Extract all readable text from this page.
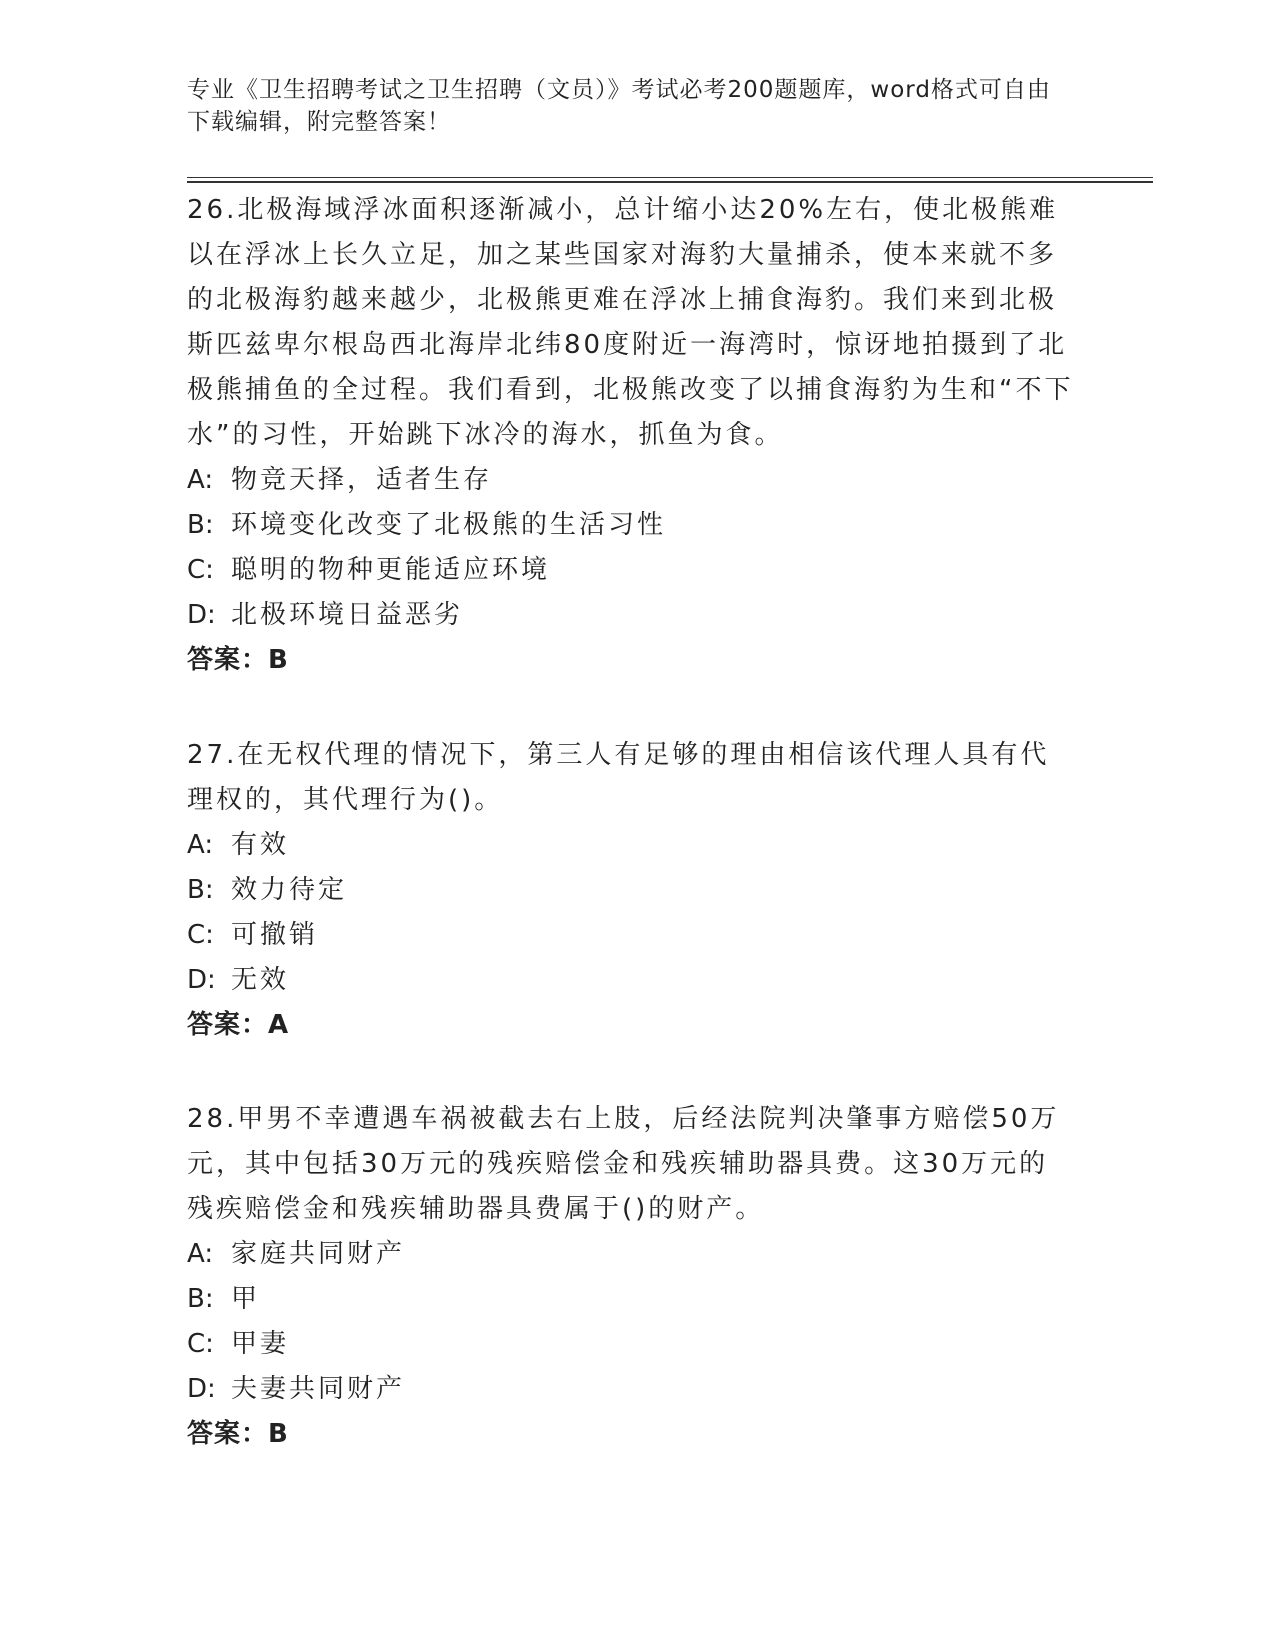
专业《卫生招聘考试之卫生招聘（文员）》考试必考200题题库，word格式可自由下载编辑，附完整答案！

26.北极海域浮冰面积逐渐减小，总计缩小达20%左右，使北极熊难以在浮冰上长久立足，加之某些国家对海豹大量捕杀，使本来就不多的北极海豹越来越少，北极熊更难在浮冰上捕食海豹。我们来到北极斯匹兹卑尔根岛西北海岸北纬80度附近一海湾时，惊讶地拍摄到了北极熊捕鱼的全过程。我们看到，北极熊改变了以捕食海豹为生和“不下水”的习性，开始跳下冰冷的海水，抓鱼为食。

A: 物竞天择，适者生存

B: 环境变化改变了北极熊的生活习性

C: 聪明的物种更能适应环境

D: 北极环境日益恶劣

答案：B

27.在无权代理的情况下，第三人有足够的理由相信该代理人具有代理权的，其代理行为()。

A: 有效

B: 效力待定

C: 可撤销

D: 无效

答案：A

28.甲男不幸遭遇车祸被截去右上肢，后经法院判决肇事方赔偿50万元，其中包括30万元的残疾赔偿金和残疾辅助器具费。这30万元的残疾赔偿金和残疾辅助器具费属于()的财产。

A: 家庭共同财产

B: 甲

C: 甲妻

D: 夫妻共同财产

答案：B
